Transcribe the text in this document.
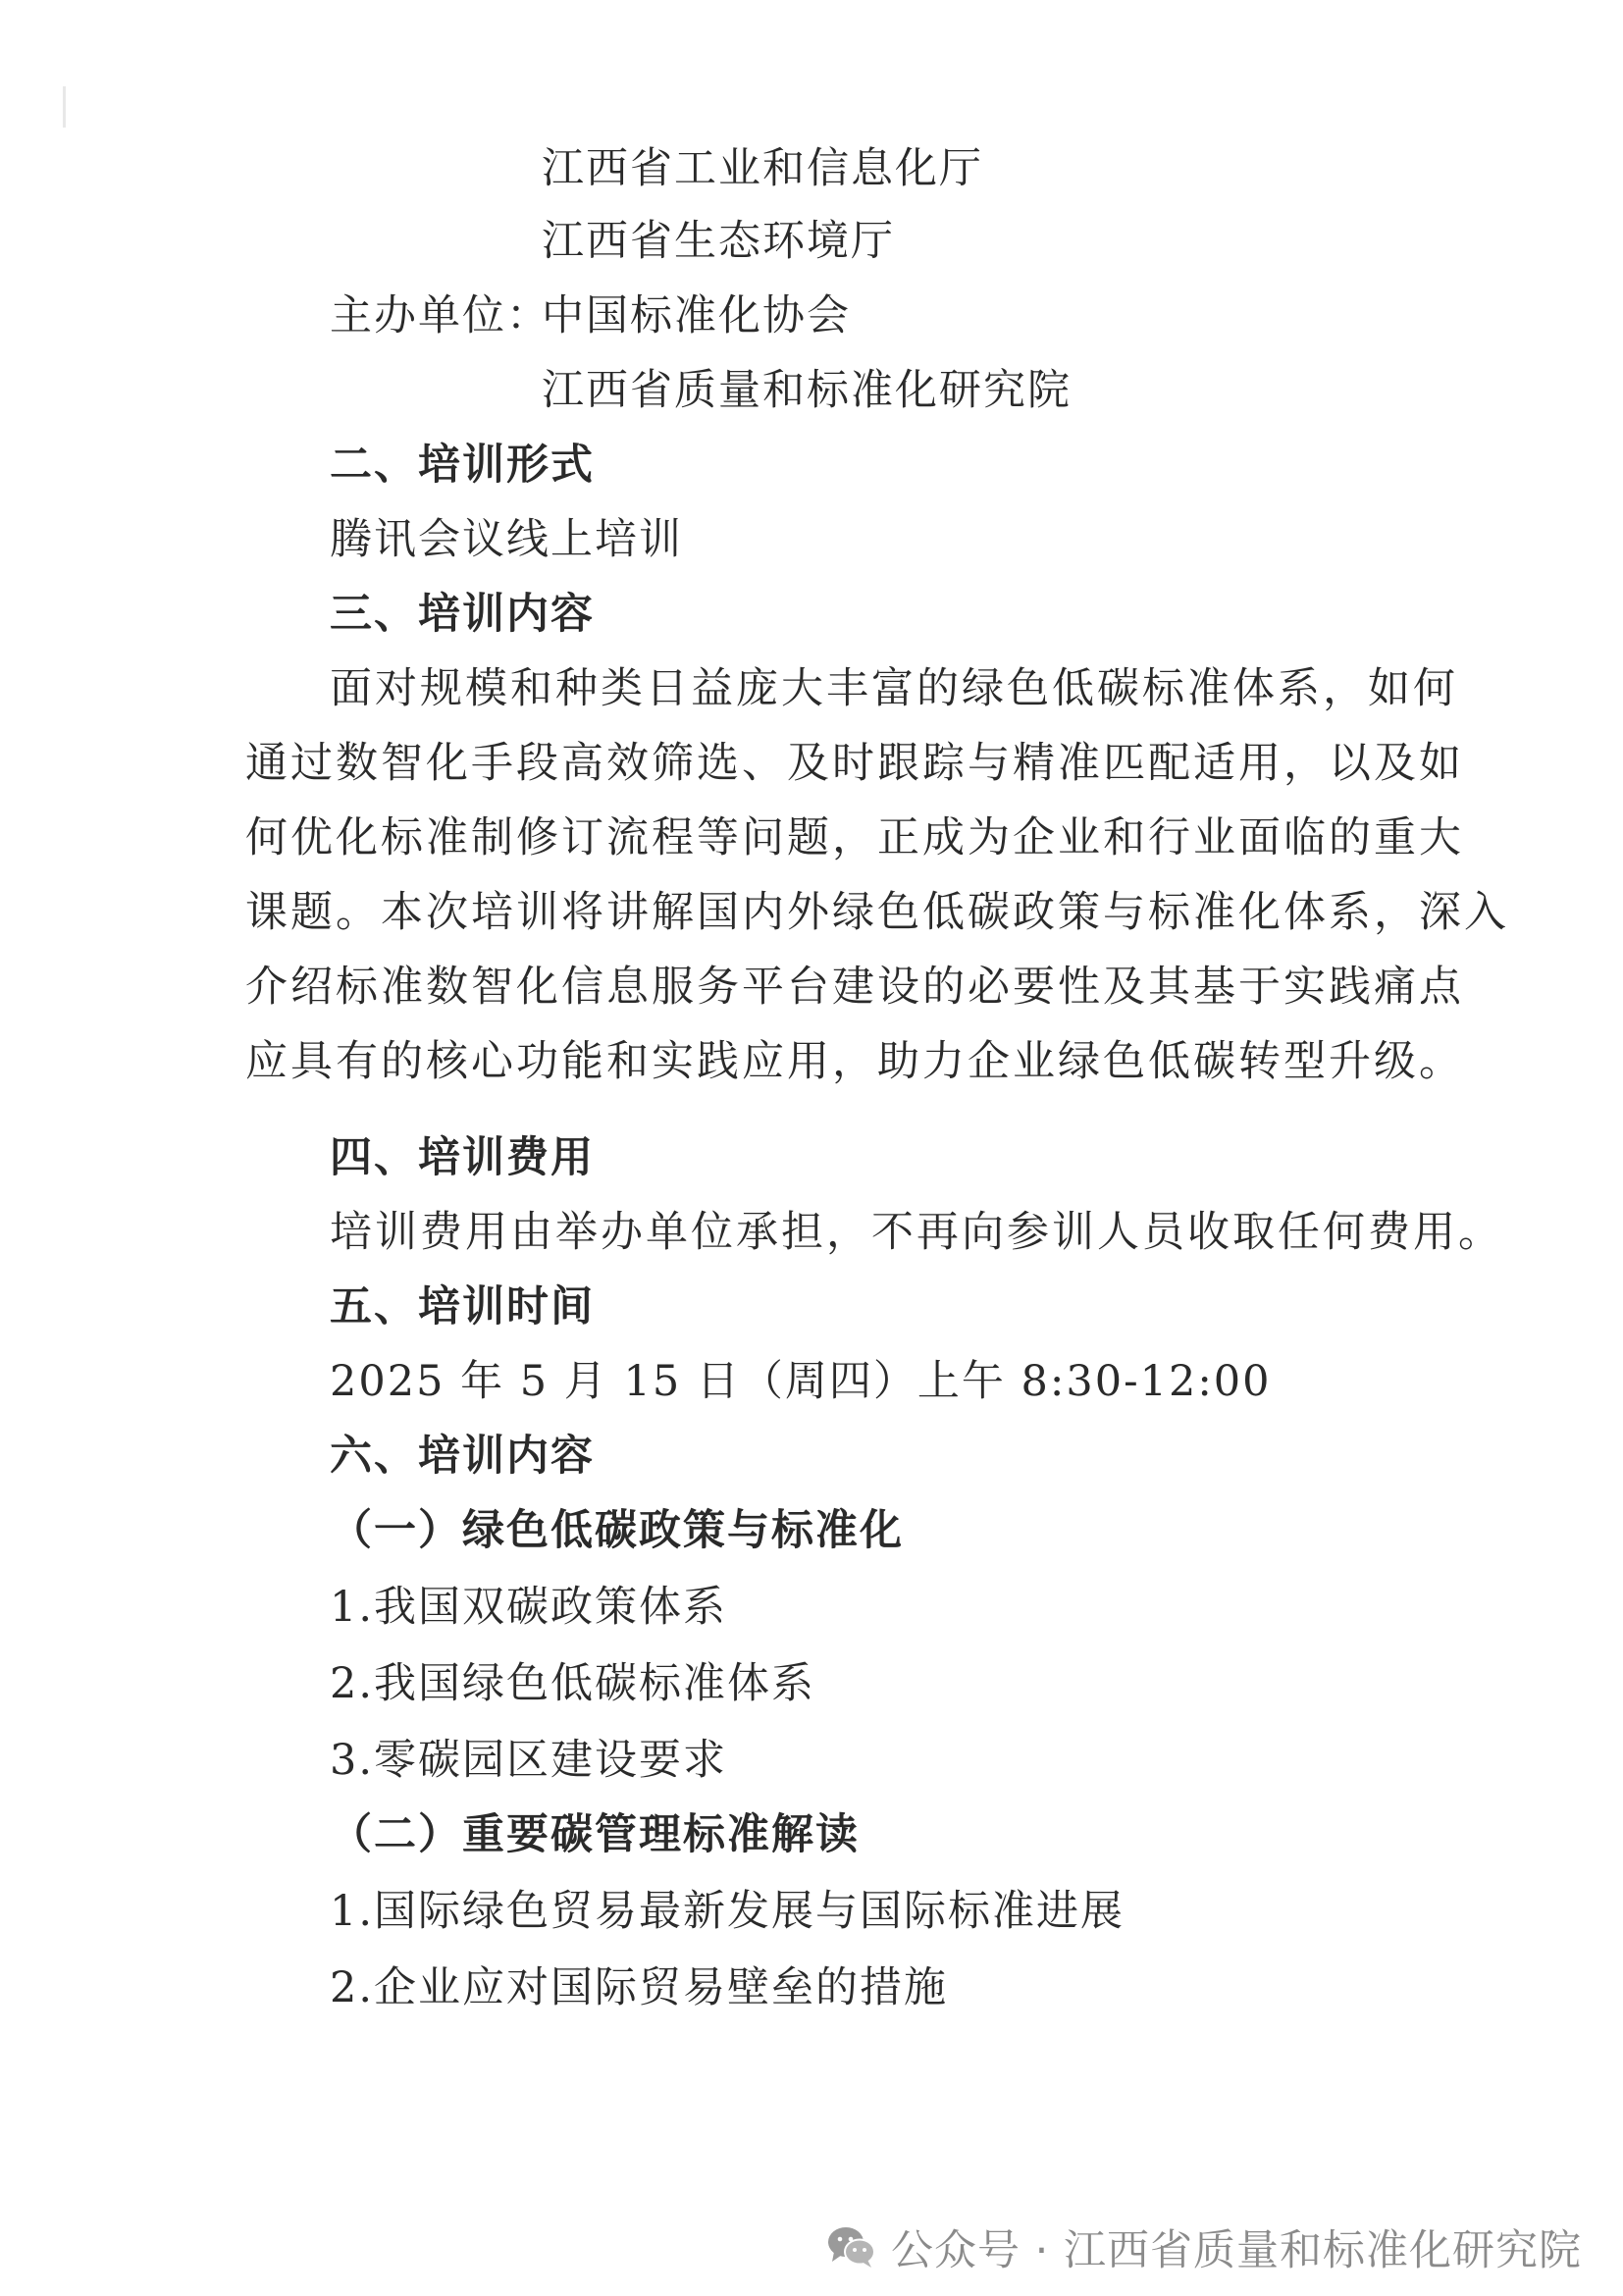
江西省工业和信息化厅
江西省生态环境厅
主办单位：
中国标准化协会
江西省质量和标准化研究院
二、培训形式
腾讯会议线上培训
三、培训内容
面对规模和种类日益庞大丰富的绿色低碳标准体系，如何
通过数智化手段高效筛选、及时跟踪与精准匹配适用，以及如
何优化标准制修订流程等问题，正成为企业和行业面临的重大
课题。本次培训将讲解国内外绿色低碳政策与标准化体系，深入
介绍标准数智化信息服务平台建设的必要性及其基于实践痛点
应具有的核心功能和实践应用，助力企业绿色低碳转型升级。
四、培训费用
培训费用由举办单位承担，不再向参训人员收取任何费用。
五、培训时间
2025 年 5 月 15 日（周四）上午 8:30-12:00
六、培训内容
（一）绿色低碳政策与标准化
1.我国双碳政策体系
2.我国绿色低碳标准体系
3.零碳园区建设要求
（二）重要碳管理标准解读
1.国际绿色贸易最新发展与国际标准进展
2.企业应对国际贸易壁垒的措施
公众号 · 江西省质量和标准化研究院
